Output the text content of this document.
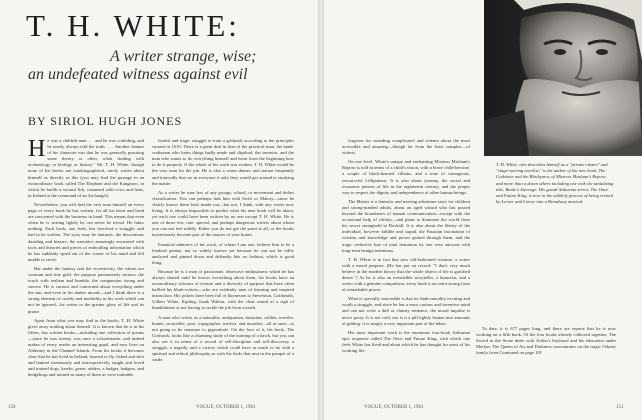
T. H. WHITE:
A writer strange, wise;
an undefeated witness against evil
BY SIRIOL HUGH JONES
H e was a childish man . . . and he was confiding, and he nearly always told the truth. . . . Another feature of his character was that he was generally pursuing some theory or other, often dealing with archaeology or biology or history." Mr. T. H. White, though none of his books are autobiographical, rarely writes about himself as directly as this (you may find the passage in an extraordinary book called The Elephant and the Kangaroo, in which he builds a second Ark, crammed with cows and hens, in Ireland at the command of an Archangel).

Nevertheless, you will find the very man himself on every page of every book he has written, for all his heart and head are concerned with the business in hand. This means that even when he is writing lightly he can never be trivial. He fakes nothing. Each book, one feels, has involved a struggle, and had to be written. The story may be fantastic, the decorations dazzling and bizarre, the narrative amazingly encrusted with facts and theories and pieces of enthralling information which he has suddenly spied out of the corner of his mind and felt unable to resist.

But under the fantasy and the eccentricity, the values are constant and true gold, the purpose passionately serious, the touch with realism and humble, the compassion strong and sincere. He is curious and concerned about everything under the sun, and even in his darker moods—and I think there is a strong element of cruelty and morbidity in his work which can not be ignored—he writes to the greater glory of life and its praise.

Apart from what you may find in the books, T. H. White gives away nothing about himself. It is known that he is in his fifties, has written books—including one collection of poems—since he was twenty, was once a schoolmaster, and indeed makes of every reader an interesting pupil, and now lives on Alderney in the Channel Islands. From his books it becomes clear that he has lived in Ireland, learned to fly, fished and shot and hunted strenuously and introspectively, taught and loved and trained dogs, hawks, geese, adders, a badger, badgers, and hedgehogs and trained as many of them as were trainable.

fearful and tragic struggle to train a goshawk according to the principles current in 1619. There is a great deal in him of the practical man, the hand-craftsman who hates things badly made and slipshod, the inventor, and the man who wants to do everything himself and learn from the beginning how to do it properly. If the whole of his work was written, T. H. White would be the very man for the job. He is also a warm dinner, and station frequently and ironically that we in everyone it only they would get around to studying the matter.

As a writer he runs few of any groups, school, or movement and defies classification. You can perhaps link him with Swift or Malory—since he clearly knows them both inside out—but not, I think, with any writer now living. It is always impossible to predict what his next book will be about, yet each one could have been written by no one except T. H. White. He is one of those few, rare, special, and perhaps dangerous writers about whom you can not feel mildly. Either you do not get the point at all, or the books mysteriously become part of the narrow of your bones.

Fanatical admirers of his work, of whom I am one, believe him to be a freakish genius, not so widely known yet because he can not be tidily analyzed and pinned down and defiantly hits no fashion, which is good thing.

Because he is a man of passionate, obsessive enthusiasms which he has always chased until he knows everything about them, his books have an extraordinary richness of texture and a diversity of purpose that have often baffled his blurb-writers—who are evidently men of learning and inspired instruction. His jackets have been full of likenesses to Stevenson, Goldsmith, Gilbert White, Kipling, Izaak Walton, with the clear sound of a sigh of thankfulness at not having to tackle the job from scratch.

A man who writes as a naturalist, antiquarian, historian, soldier, traveler, hunter, storyteller, poet, topographer, teacher, and moralist—all at once—is not going to be someone to pigeonhole. On the face of it, his book, The Goshawk, looks like a charming study of the training of a hawk, but you can also see it in terms of a record of self-discipline and self-discovery, a struggle, a tragedy, and a victory which could have as much to do with a spiritual and ethical philosophy as with the birds that nest in the parapet of a castle.

150	VOGUE, OCTOBER 1, 1961

forgiven for sounding complicated and solemn about the most accessible and amazing—though far from the least complex—of writers.

On one level, White's unique and enchanting Mistress Masham's Repose is told in terms of a child's vision, with a brave child-heroine, a couple of black-hearted villains, and a tone of courageous, resourceful Lilliputians. It is also about tyranny, the social and economic pattern of life in the eighteenth century, and the proper way to respect the dignity and independence of other human beings.

The Master is a fantastic and moving adventure story for children and strong-minded adults, about an aged wizard who has passed beyond the boundaries of human communication—except with the occasional help of whisky—and plans to dominate the world from his secret stronghold in Rockall. It is also about the liberty of the individual, however fallible and stupid, the Faustian fascination of wisdom and knowledge and power gained through them, and the tragic seductive lure of total dominion by one wise autocrat with long-term benign intentions.

T. H. White is in fact that now old-fashioned creature, a writer with a moral purpose. (He has put on record: "I don't very much believe in the modern theory that the whole object of life is gratified desire.") As he is also an irresistible storyteller, a humorist, and a writer with a genuine compulsion, every book is an extra-strong form of remarkable power.

What is specially noticeable is that he finds morality exciting and worth a struggle, and since he has a most curious and inventive mind and can not write a dull or clumsy sentence, the moral impulse is never prosy. It is not cold, nor is it a pill lightly beaten into amounts of gilding: it is simply a very important part of the fabric.

His most important work is the enormous four-book Arthurian epic sequence called The Once and Future King, with which one feels White has lived and about which he has thought for most of his working life.

To date, it is 677 pages long, and there are reports that he is now working on a fifth book. Of the four books already collected together, The Sword in the Stone deals with Arthur's boyhood and his education under Merlyn; The Queen of Air and Darkness concentrates on the tragic Orkney family from Continued on page 181

T. H. White, who describes himself as a "private citizen" and "stage-snoring novelist," is the author of the new book, The Godstone and the Blackymor, of Mistress Masham's Repose, and more than a dozen others including one with the tantalizing title, Burke's Steerage. His grand Arthurian series, The Once and Future King, is now in the unlikely process of being revised by Lerner and Loewe into a Broadway musical.

VOGUE, OCTOBER 1, 1961	151
